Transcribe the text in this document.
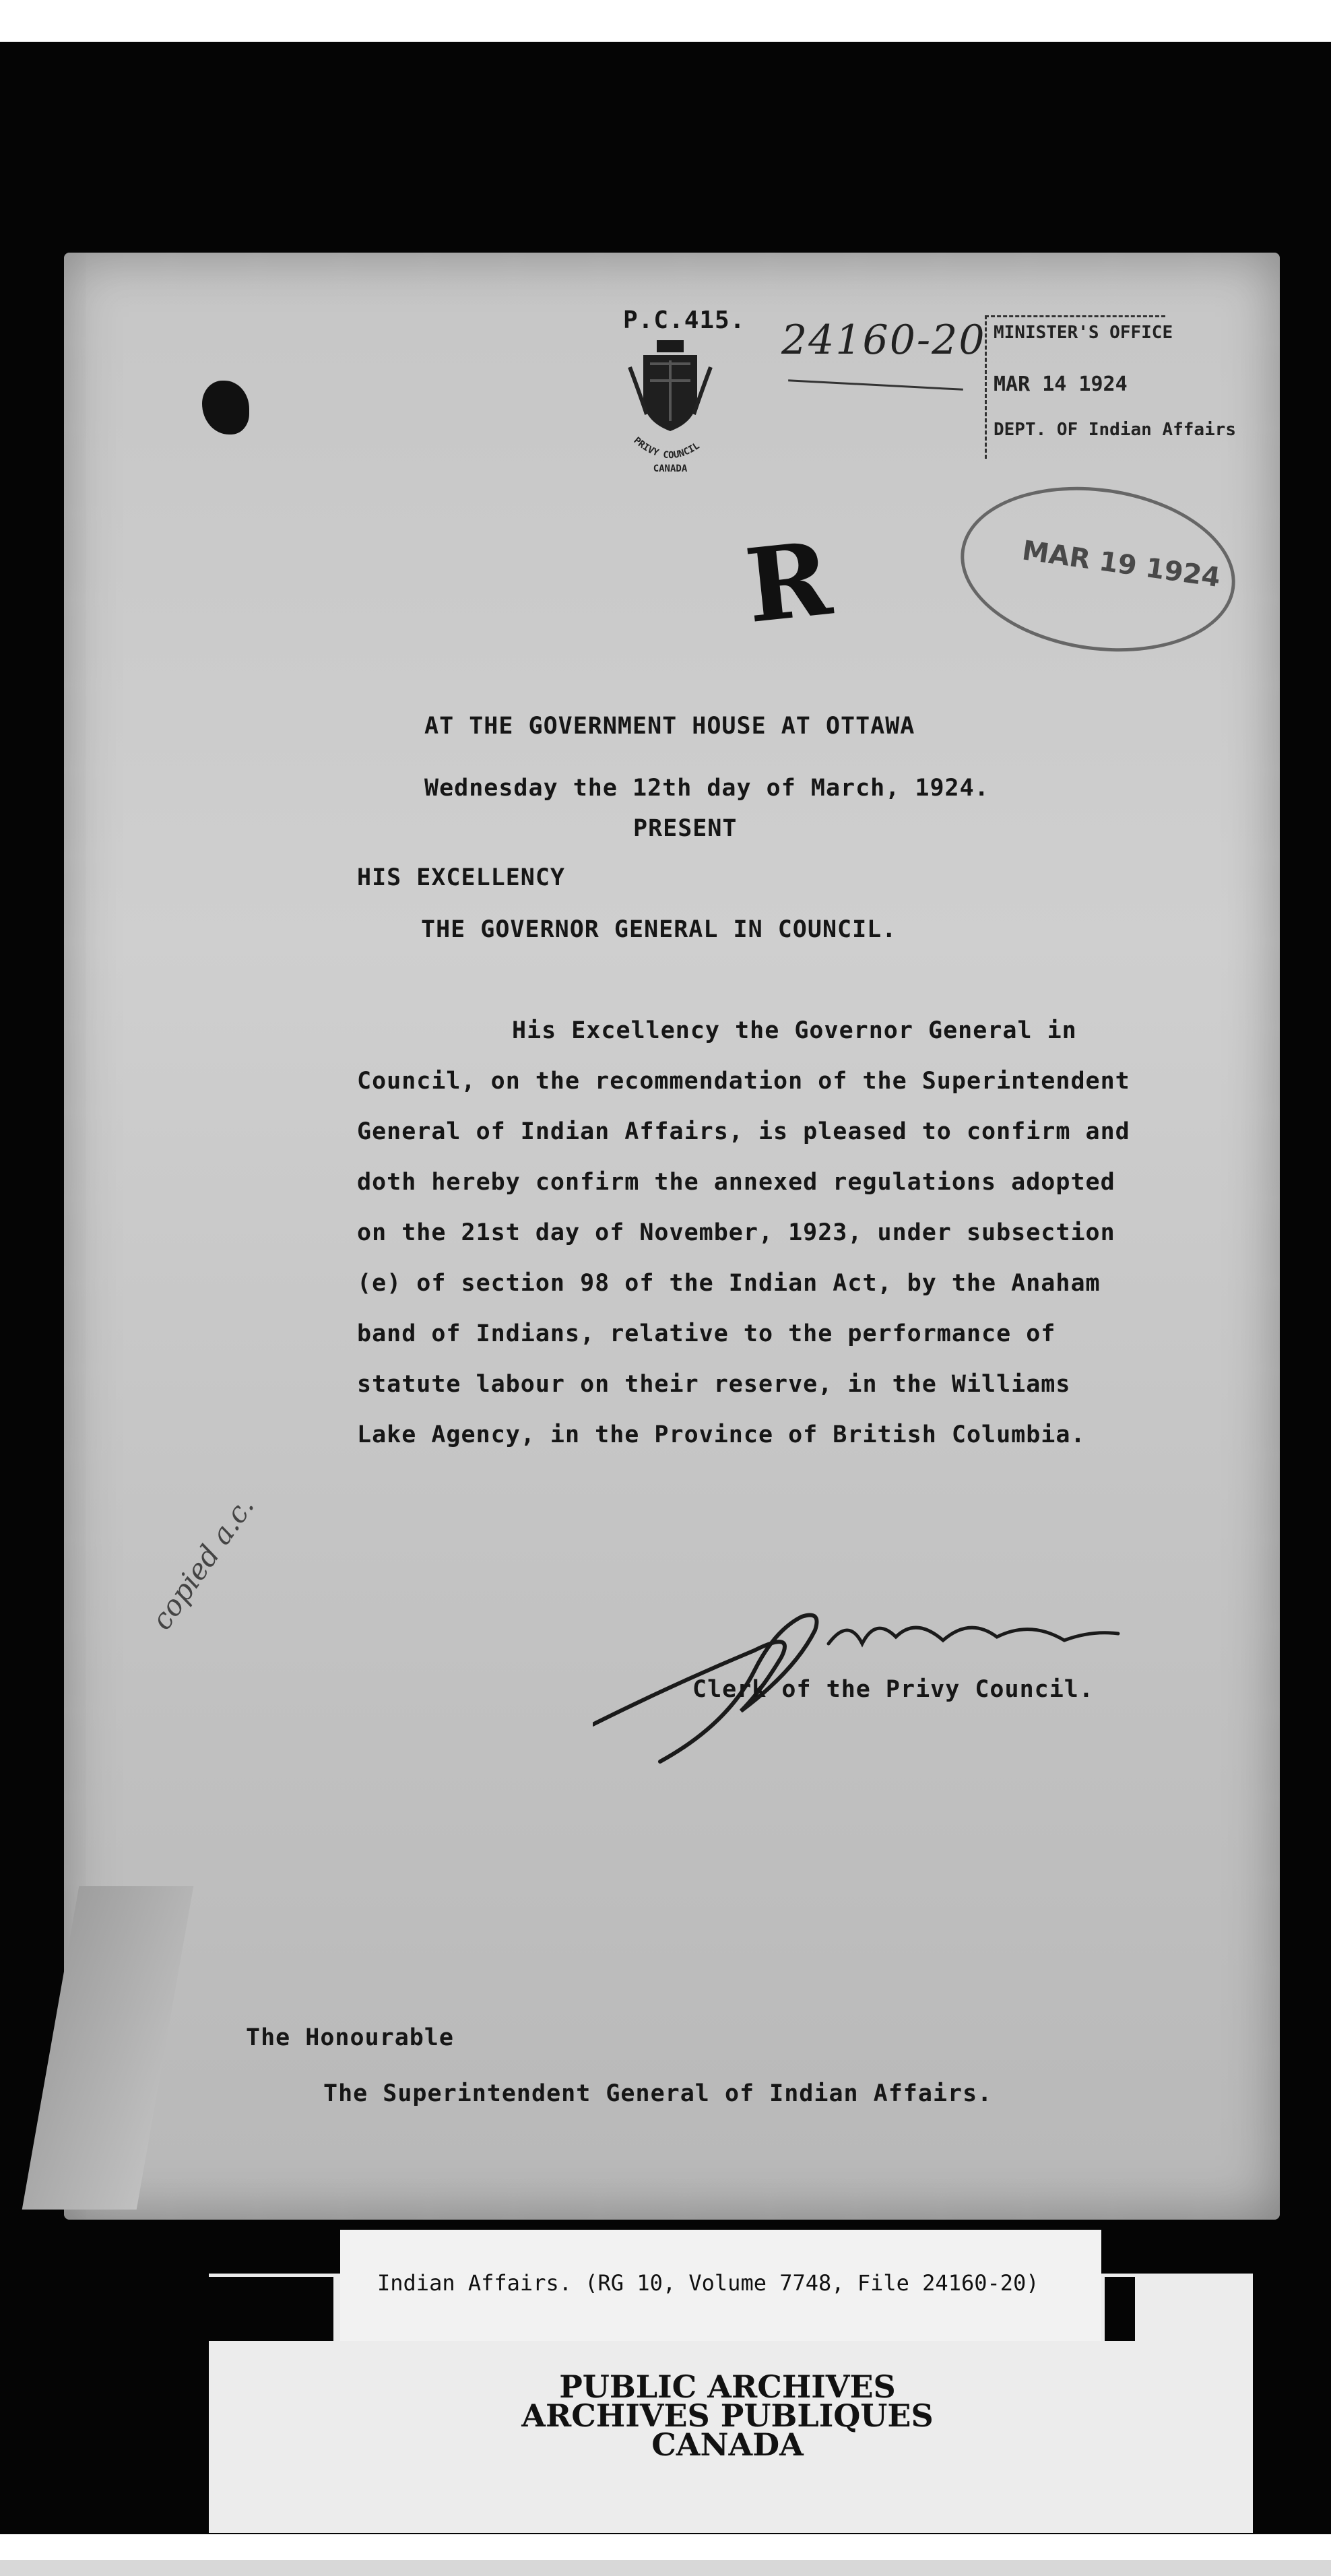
P.C.415. 24160-20
PRIVY COUNCIL
CANADA
MINISTER'S OFFICE
MAR 14 1924
DEPT. OF Indian Affairs
MAR 19 1924
R
AT THE GOVERNMENT HOUSE AT OTTAWA
Wednesday the 12th day of March, 1924.
PRESENT
HIS EXCELLENCY
THE GOVERNOR GENERAL IN COUNCIL.
His Excellency the Governor General in
Council, on the recommendation of the Superintendent
General of Indian Affairs, is pleased to confirm and
doth hereby confirm the annexed regulations adopted
on the 21st day of November, 1923, under subsection
(e) of section 98 of the Indian Act, by the Anaham
band of Indians, relative to the performance of
statute labour on their reserve, in the Williams
Lake Agency, in the Province of British Columbia.
Clerk of the Privy Council.
copied a.c.
The Honourable
The Superintendent General of Indian Affairs.
Indian Affairs. (RG 10, Volume 7748, File 24160-20)
PUBLIC ARCHIVES
ARCHIVES PUBLIQUES
CANADA
